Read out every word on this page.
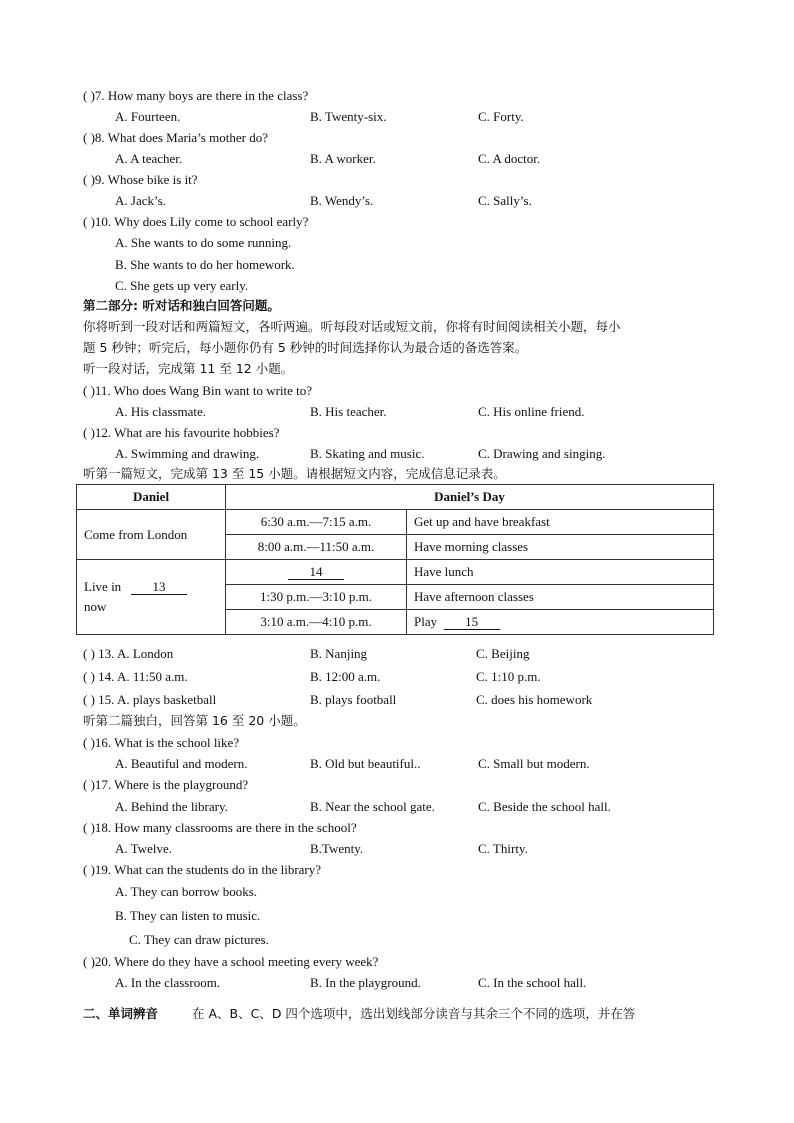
( )7. How many boys are there in the class?
A. Fourteen.	B. Twenty-six.	C. Forty.
( )8. What does Maria’s mother do?
A. A teacher.	B. A worker.	C. A doctor.
( )9. Whose bike is it?
A. Jack’s.	B. Wendy’s.	C. Sally’s.
( )10. Why does Lily come to school early?
A. She wants to do some running.
B. She wants to do her homework.
C. She gets up very early.
第二部分: 听对话和独白回答问题。
你将听到一段对话和两篇短文，各听两遍。听每段对话或短文前，你将有时间阅读相关小题，每小
题 5 秒钟；听完后，每小题你仍有 5 秒钟的时间选择你认为最合适的备选答案。
听一段对话，完成第 11 至 12 小题。
( )11. Who does Wang Bin want to write to?
A. His classmate.	B. His teacher.	C. His online friend.
( )12. What are his favourite hobbies?
A. Swimming and drawing.	B. Skating and music.	C. Drawing and singing.
听第一篇短文，完成第 13 至 15 小题。请根据短文内容，完成信息记录表。
Daniel	Daniel’s Day	
Come from London	6:30 a.m.—7:15 a.m.	Get up and have breakfast
	8:00 a.m.—11:50 a.m.	Have morning classes

Live in 13
now	14	Have lunch
	1:30 p.m.—3:10 p.m.	Have afternoon classes
	3:10 a.m.—4:10 p.m.	Play 15
( ) 13. A. London	B. Nanjing	C. Beijing
( ) 14. A. 11:50 a.m.	B. 12:00 a.m.	C. 1:10 p.m.
( ) 15. A. plays basketball	B. plays football	C. does his homework
听第二篇独白，回答第 16 至 20 小题。
( )16. What is the school like?
A. Beautiful and modern.	B. Old but beautiful..	C. Small but modern.
( )17. Where is the playground?
A. Behind the library.	B. Near the school gate.	C. Beside the school hall.
( )18. How many classrooms are there in the school?
A. Twelve.	B.Twenty.	C. Thirty.
( )19. What can the students do in the library?
A. They can borrow books.
B. They can listen to music.
C. They can draw pictures.
( )20. Where do they have a school meeting every week?
A. In the classroom.	B. In the playground.	C. In the school hall.
二、单词辨音	在 A、B、C、D 四个选项中，选出划线部分读音与其余三个不同的选项，并在答
